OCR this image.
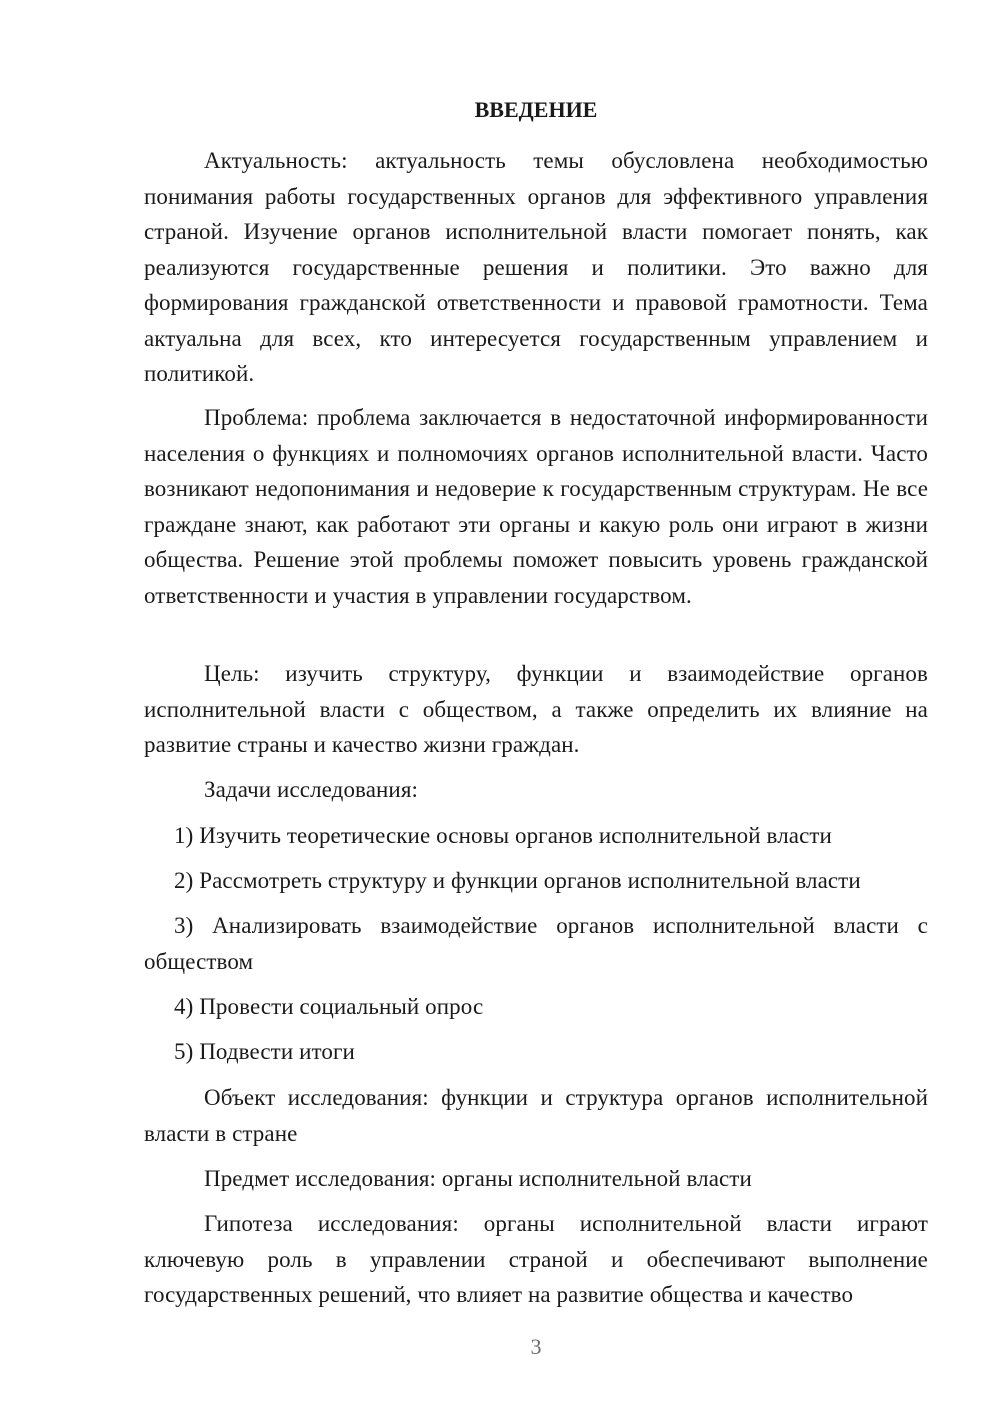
ВВЕДЕНИЕ

Актуальность: актуальность темы обусловлена необходимостью понимания работы государственных органов для эффективного управления страной. Изучение органов исполнительной власти помогает понять, как реализуются государственные решения и политики. Это важно для формирования гражданской ответственности и правовой грамотности. Тема актуальна для всех, кто интересуется государственным управлением и политикой.

Проблема: проблема заключается в недостаточной информированности населения о функциях и полномочиях органов исполнительной власти. Часто возникают недопонимания и недоверие к государственным структурам. Не все граждане знают, как работают эти органы и какую роль они играют в жизни общества. Решение этой проблемы поможет повысить уровень гражданской ответственности и участия в управлении государством.

Цель: изучить структуру, функции и взаимодействие органов исполнительной власти с обществом, а также определить их влияние на развитие страны и качество жизни граждан.

Задачи исследования:

1) Изучить теоретические основы органов исполнительной власти

2) Рассмотреть структуру и функции органов исполнительной власти

3) Анализировать взаимодействие органов исполнительной власти с обществом

4) Провести социальный опрос

5) Подвести итоги

Объект исследования: функции и структура органов исполнительной власти в стране

Предмет исследования: органы исполнительной власти

Гипотеза исследования: органы исполнительной власти играют ключевую роль в управлении страной и обеспечивают выполнение государственных решений, что влияет на развитие общества и качество

3
